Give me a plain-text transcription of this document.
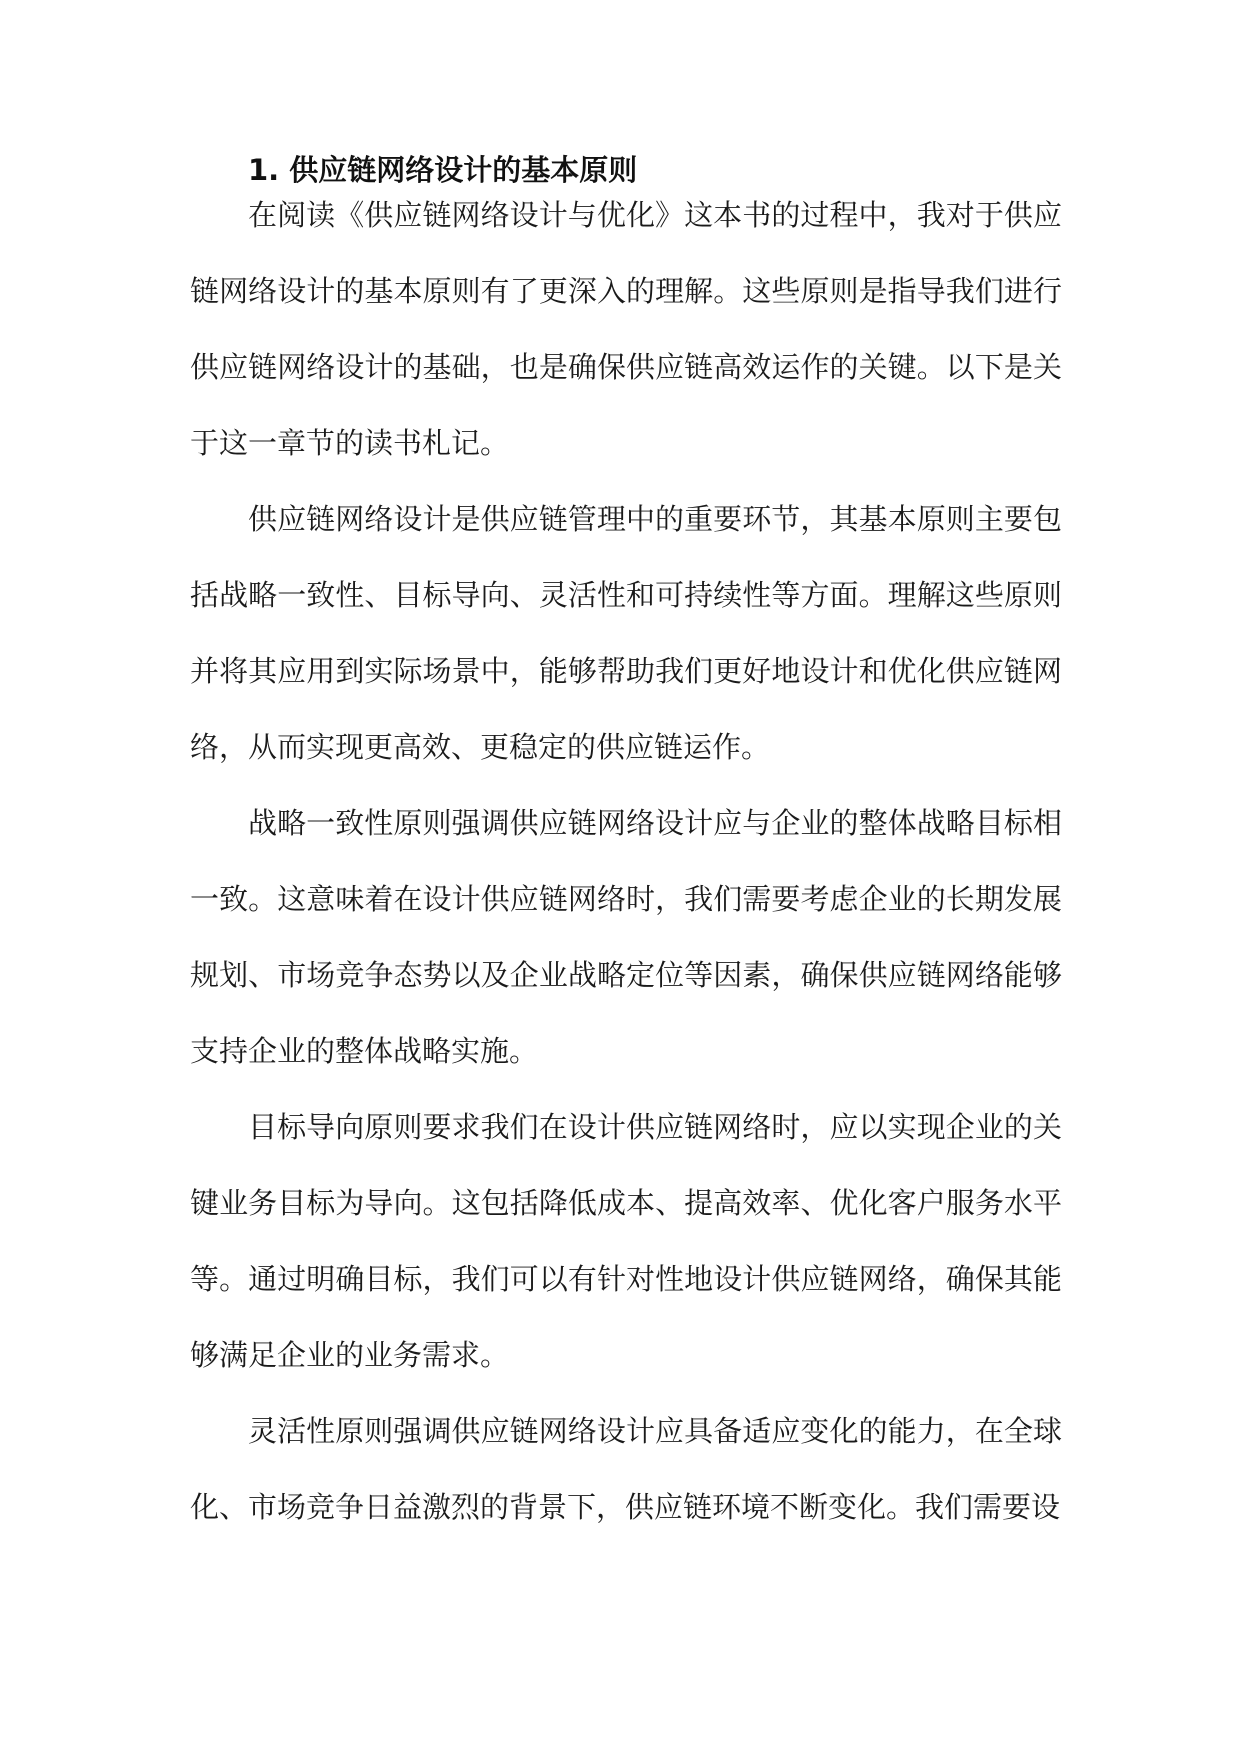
1. 供应链网络设计的基本原则

在阅读《供应链网络设计与优化》这本书的过程中，我对于供应链网络设计的基本原则有了更深入的理解。这些原则是指导我们进行供应链网络设计的基础，也是确保供应链高效运作的关键。以下是关于这一章节的读书札记。

供应链网络设计是供应链管理中的重要环节，其基本原则主要包括战略一致性、目标导向、灵活性和可持续性等方面。理解这些原则并将其应用到实际场景中，能够帮助我们更好地设计和优化供应链网络，从而实现更高效、更稳定的供应链运作。

战略一致性原则强调供应链网络设计应与企业的整体战略目标相一致。这意味着在设计供应链网络时，我们需要考虑企业的长期发展规划、市场竞争态势以及企业战略定位等因素，确保供应链网络能够支持企业的整体战略实施。

目标导向原则要求我们在设计供应链网络时，应以实现企业的关键业务目标为导向。这包括降低成本、提高效率、优化客户服务水平等。通过明确目标，我们可以有针对性地设计供应链网络，确保其能够满足企业的业务需求。

灵活性原则强调供应链网络设计应具备适应变化的能力，在全球化、市场竞争日益激烈的背景下，供应链环境不断变化。我们需要设
